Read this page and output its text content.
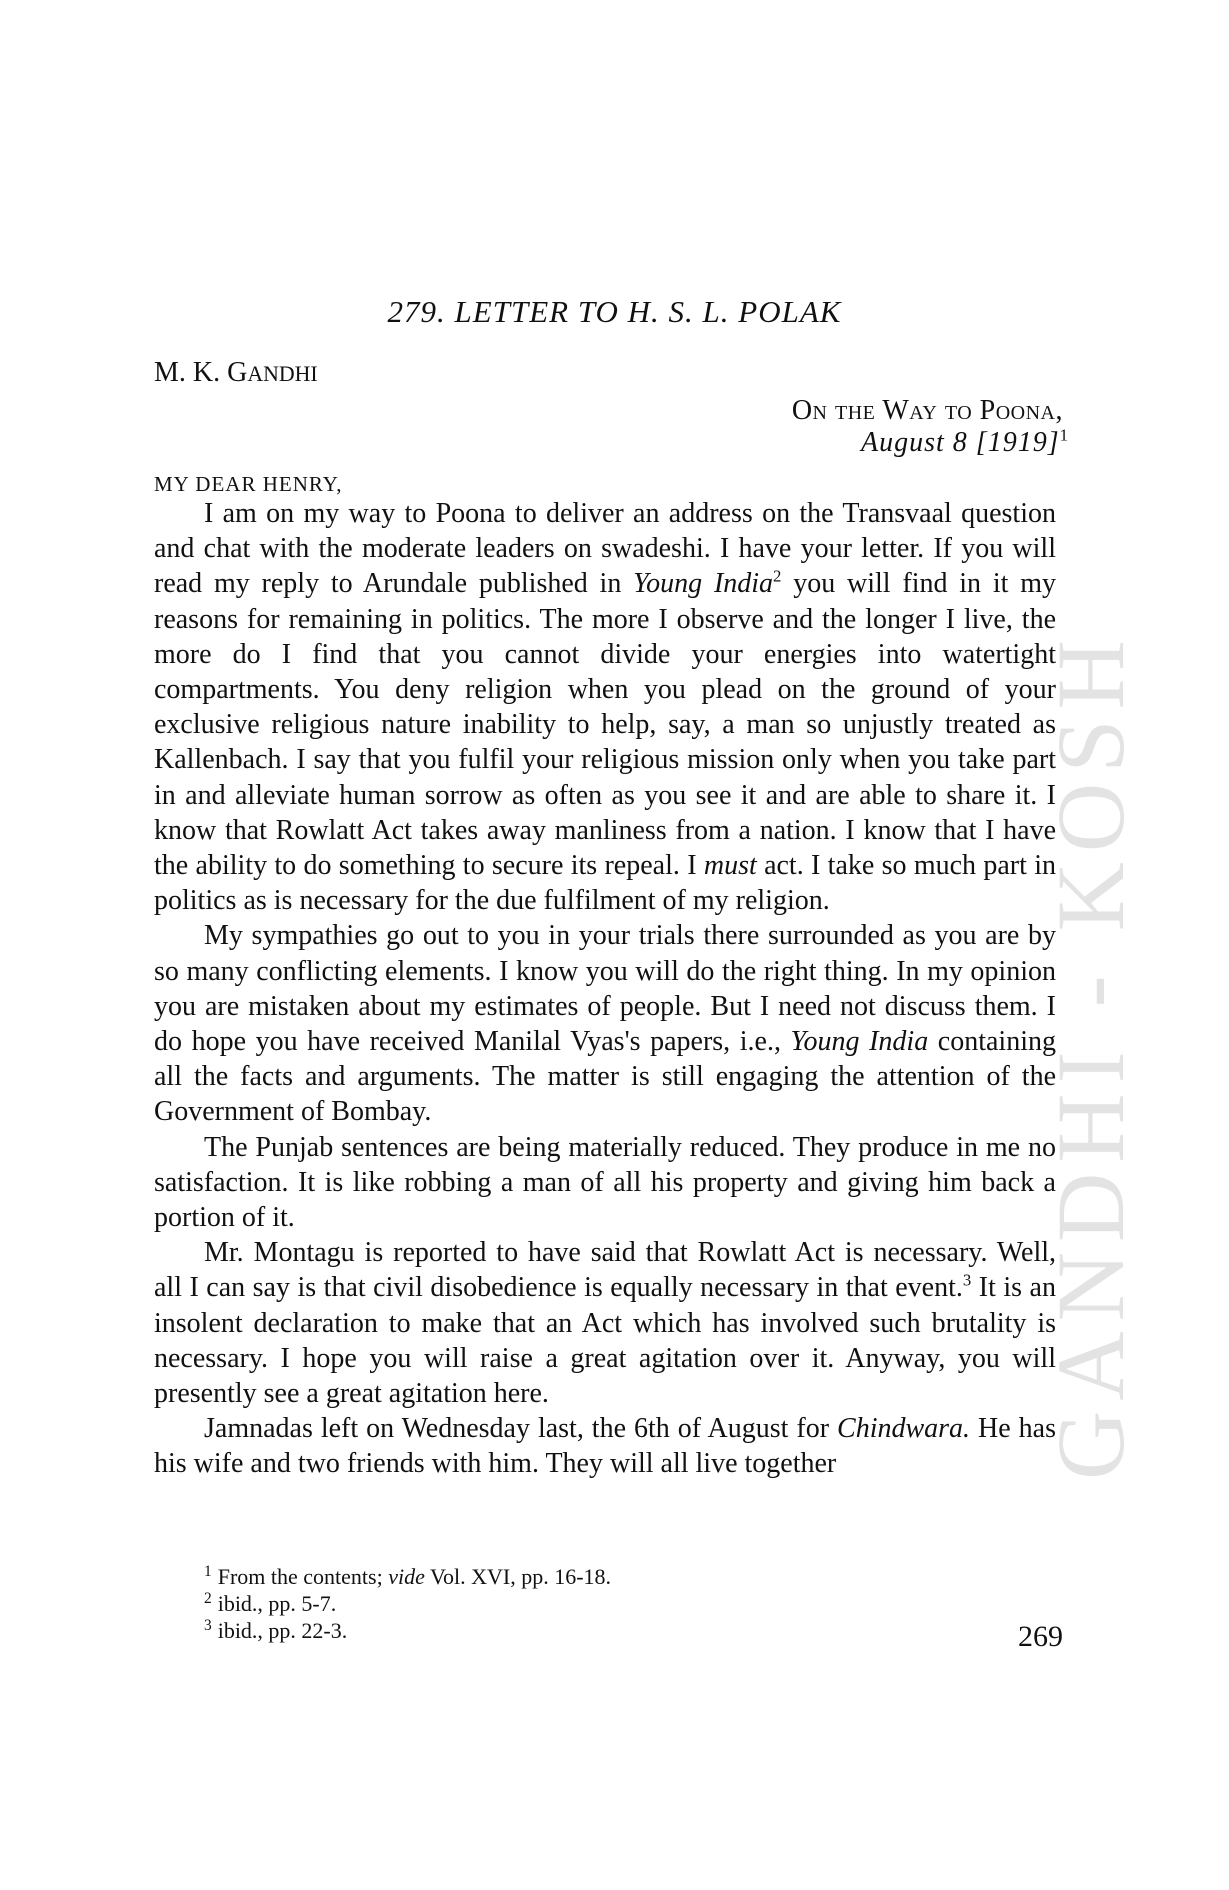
GANDHI - KOSH
279. LETTER TO H. S. L. POLAK
M. K. GANDHI
On the Way to Poona,
August 8 $[1919]^1$
MY DEAR HENRY,

I am on my way to Poona to deliver an address on the Transvaal question and chat with the moderate leaders on swadeshi. I have your letter. If you will read my reply to Arundale published in Young India$^2$ you will find in it my reasons for remaining in politics. The more I observe and the longer I live, the more do I find that you cannot divide your energies into watertight compartments. You deny religion when you plead on the ground of your exclusive religious nature inability to help, say, a man so unjustly treated as Kallenbach. I say that you fulfil your religious mission only when you take part in and alleviate human sorrow as often as you see it and are able to share it. I know that Rowlatt Act takes away manliness from a nation. I know that I have the ability to do something to secure its repeal. I must act. I take so much part in politics as is necessary for the due fulfilment of my religion.

My sympathies go out to you in your trials there surrounded as you are by so many conflicting elements. I know you will do the right thing. In my opinion you are mistaken about my estimates of people. But I need not discuss them. I do hope you have received Manilal Vyas's papers, i.e., Young India containing all the facts and arguments. The matter is still engaging the attention of the Government of Bombay.

The Punjab sentences are being materially reduced. They produce in me no satisfaction. It is like robbing a man of all his property and giving him back a portion of it.

Mr. Montagu is reported to have said that Rowlatt Act is necessary. Well, all I can say is that civil disobedience is equally necessary in that event.$^3$ It is an insolent declaration to make that an Act which has involved such brutality is necessary. I hope you will raise a great agitation over it. Anyway, you will presently see a great agitation here.

Jamnadas left on Wednesday last, the 6th of August for Chindwara. He has his wife and two friends with him. They will all live together

$^1$ From the contents; vide Vol. XVI, pp. 16-18.
$^2$ ibid., pp. 5-7.
$^3$ ibid., pp. 22-3.	269
